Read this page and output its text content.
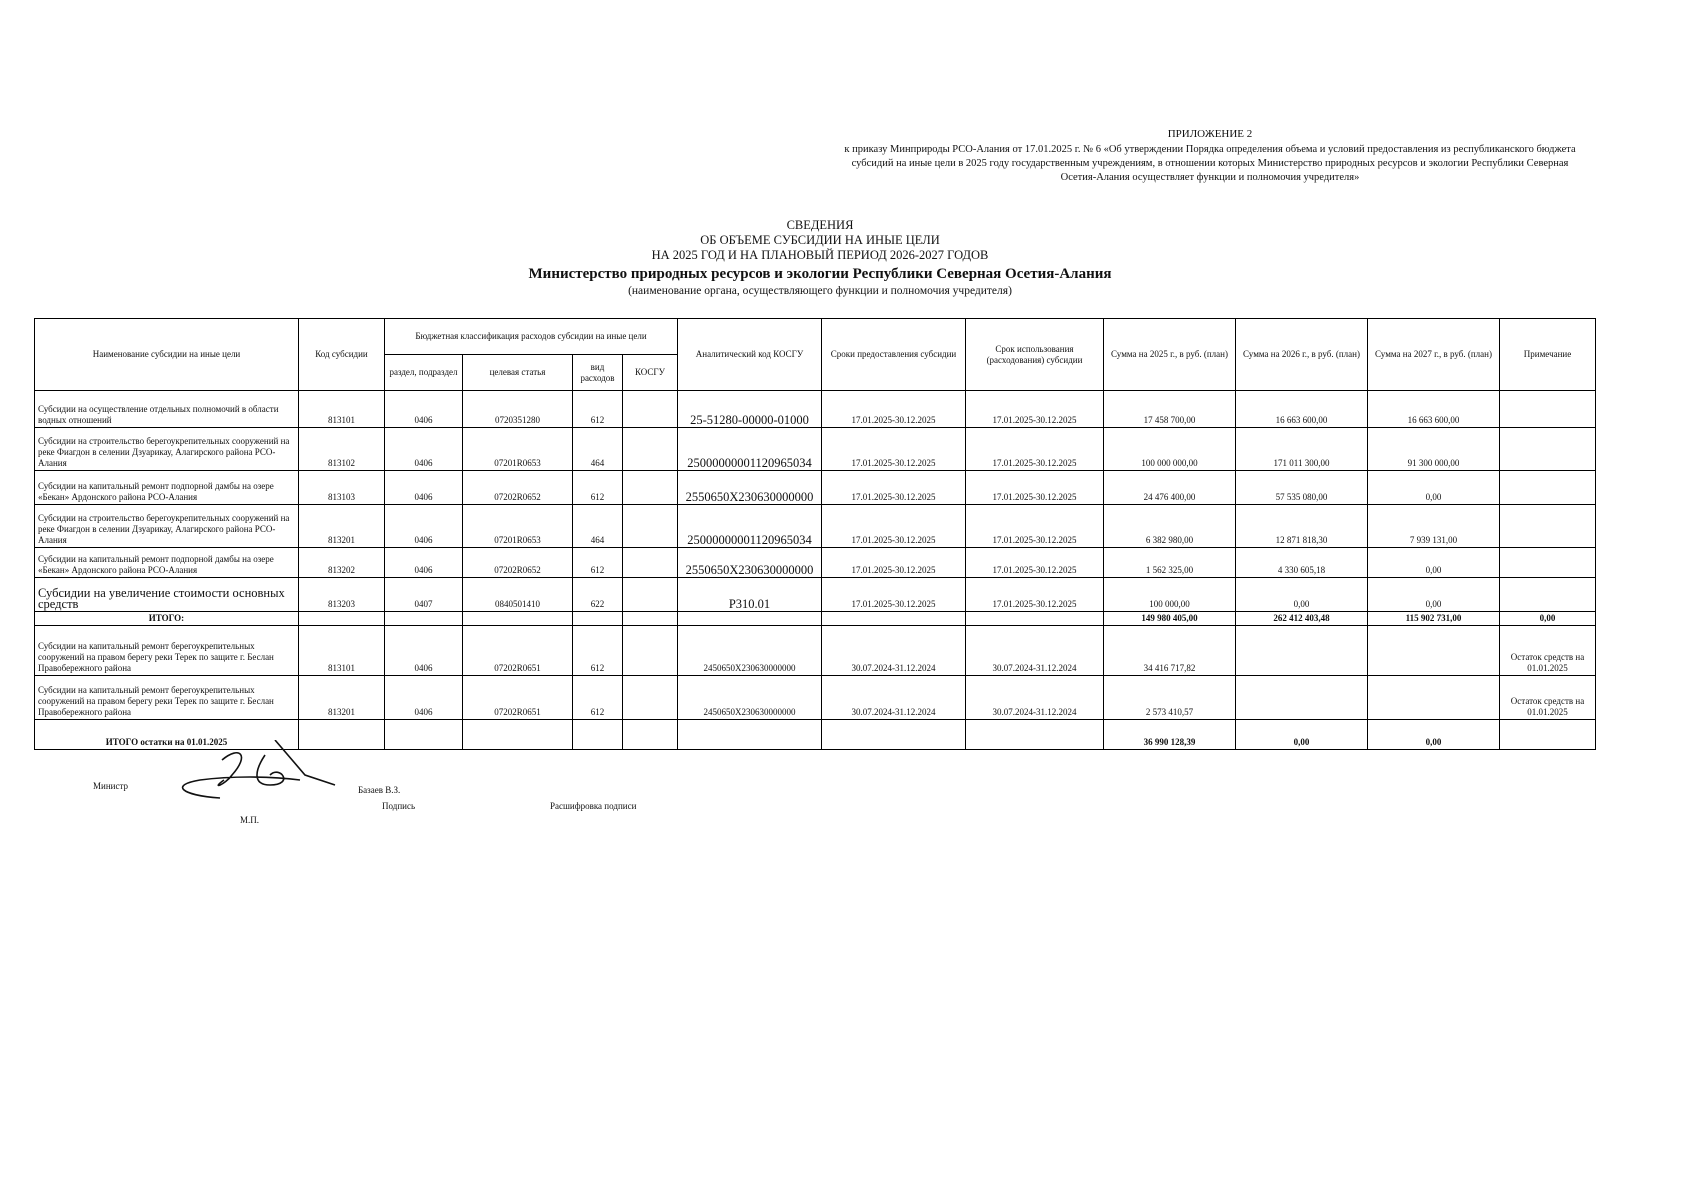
ПРИЛОЖЕНИЕ 2
к приказу Минприроды РСО-Алания от 17.01.2025 г. № 6 «Об утверждении Порядка определения объема и условий предоставления из республиканского бюджета субсидий на иные цели в 2025 году государственным учреждениям, в отношении которых Министерство природных ресурсов и экологии Республики Северная Осетия-Алания осуществляет функции и полномочия учредителя»
СВЕДЕНИЯ
ОБ ОБЪЕМЕ СУБСИДИИ НА ИНЫЕ ЦЕЛИ
НА 2025 ГОД И НА ПЛАНОВЫЙ ПЕРИОД 2026-2027 ГОДОВ
Министерство природных ресурсов и экологии Республики Северная Осетия-Алания
(наименование органа, осуществляющего функции и полномочия учредителя)
Наименование субсидии на иные цели	Код субсидии	Бюджетная классификация расходов субсидии на иные цели				Аналитический код КОСГУ	Сроки предоставления субсидии	Срок использования (расходования) субсидии	Сумма на 2025 г., в руб. (план)	Сумма на 2026 г., в руб. (план)	Сумма на 2027 г., в руб. (план)	Примечание
		раздел, подраздел	целевая статья	вид расходов	КОСГУ							
Субсидии на осуществление отдельных полномочий в области водных отношений	813101	0406	0720351280	612		25-51280-00000-01000	17.01.2025-30.12.2025	17.01.2025-30.12.2025	17 458 700,00	16 663 600,00	16 663 600,00	
Субсидии на строительство берегоукрепительных сооружений на реке Фиагдон в селении Дзуарикау, Алагирского района РСО-Алания	813102	0406	07201R0653	464		25000000001120965034	17.01.2025-30.12.2025	17.01.2025-30.12.2025	100 000 000,00	171 011 300,00	91 300 000,00	
Субсидии на капитальный ремонт подпорной дамбы на озере «Бекан» Ардонского района РСО-Алания	813103	0406	07202R0652	612		2550650X230630000000	17.01.2025-30.12.2025	17.01.2025-30.12.2025	24 476 400,00	57 535 080,00	0,00	
Субсидии на строительство берегоукрепительных сооружений на реке Фиагдон в селении Дзуарикау, Алагирского района РСО-Алания	813201	0406	07201R0653	464		25000000001120965034	17.01.2025-30.12.2025	17.01.2025-30.12.2025	6 382 980,00	12 871 818,30	7 939 131,00	
Субсидии на капитальный ремонт подпорной дамбы на озере «Бекан» Ардонского района РСО-Алания	813202	0406	07202R0652	612		2550650X230630000000	17.01.2025-30.12.2025	17.01.2025-30.12.2025	1 562 325,00	4 330 605,18	0,00	
Субсидии на увеличение стоимости основных средств	813203	0407	0840501410	622		Р310.01	17.01.2025-30.12.2025	17.01.2025-30.12.2025	100 000,00	0,00	0,00	
ИТОГО:									149 980 405,00	262 412 403,48	115 902 731,00	0,00
Субсидии на капитальный ремонт берегоукрепительных сооружений на правом берегу реки Терек по защите г. Беслан Правобережного района	813101	0406	07202R0651	612		2450650X230630000000	30.07.2024-31.12.2024	30.07.2024-31.12.2024	34 416 717,82			Остаток средств на 01.01.2025
Субсидии на капитальный ремонт берегоукрепительных сооружений на правом берегу реки Терек по защите г. Беслан Правобережного района	813201	0406	07202R0651	612		2450650X230630000000	30.07.2024-31.12.2024	30.07.2024-31.12.2024	2 573 410,57			Остаток средств на 01.01.2025
ИТОГО остатки на 01.01.2025									36 990 128,39	0,00	0,00	
Министр	Базаев В.З.
Подпись	Расшифровка подписи
М.П.
